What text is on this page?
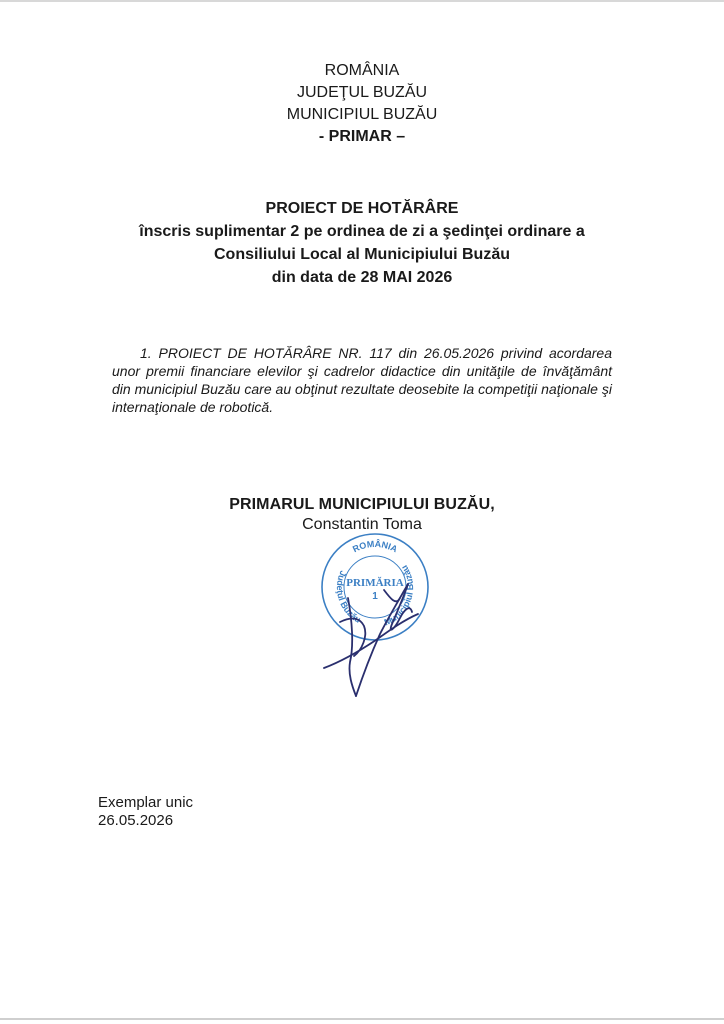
ROMÂNIA
JUDEŢUL BUZĂU
MUNICIPIUL BUZĂU
- PRIMAR –
PROIECT DE HOTĂRÂRE
înscris suplimentar 2 pe ordinea de zi a şedinţei ordinare a
Consiliului Local al Municipiului Buzău
din data de 28 MAI 2026
1. PROIECT DE HOTĂRÂRE NR. 117 din 26.05.2026 privind acordarea unor premii financiare elevilor şi cadrelor didactice din unităţile de învăţământ din municipiul Buzău care au obţinut rezultate deosebite la competiţii naţionale şi internaţionale de robotică.
PRIMARUL MUNICIPIULUI BUZĂU,
Constantin Toma
ROMÂNIA
Judeţul Buzău Municipiul Buzău
PRIMĂRIA
1
Exemplar unic
26.05.2026
